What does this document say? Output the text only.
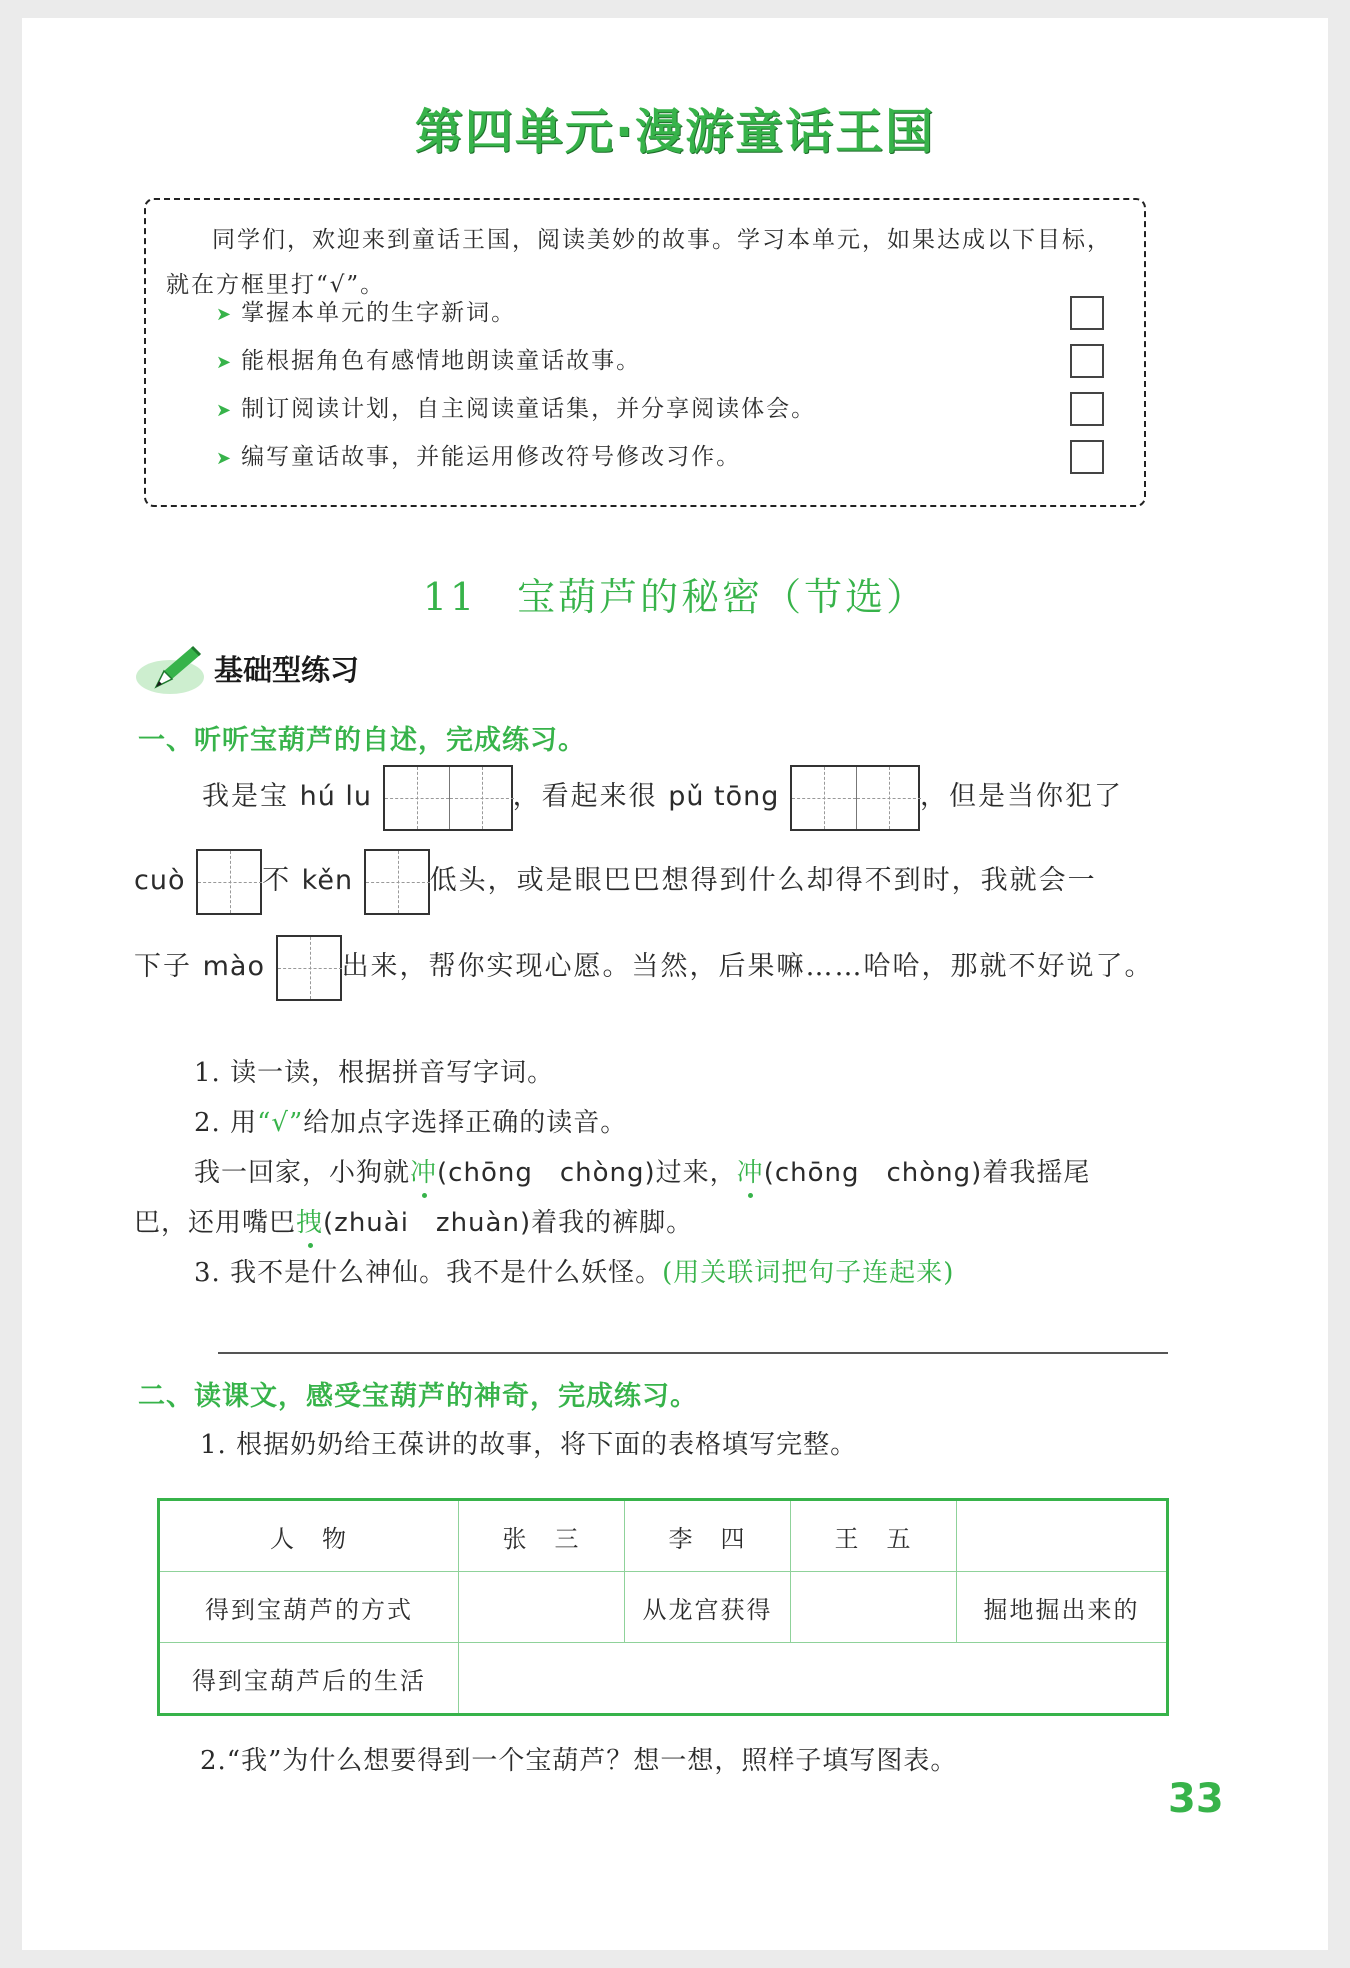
第四单元·漫游童话王国
同学们，欢迎来到童话王国，阅读美妙的故事。学习本单元，如果达成以下目标，就在方框里打“√”。
➤ 掌握本单元的生字新词。
➤ 能根据角色有感情地朗读童话故事。
➤ 制订阅读计划，自主阅读童话集，并分享阅读体会。
➤ 编写童话故事，并能运用修改符号修改习作。
11 宝葫芦的秘密（节选）
基础型练习
一、听听宝葫芦的自述，完成练习。
我是宝 hú lu	，看起来很 pǔ tōng	，但是当你犯了
cuò	不 kěn	低头，或是眼巴巴想得到什么却得不到时，我就会一
下子 mào	出来，帮你实现心愿。当然，后果嘛……哈哈，那就不好说了。
1. 读一读，根据拼音写字词。
2. 用“√”给加点字选择正确的读音。
我一回家，小狗就冲(chōng　chòng)过来，冲(chōng　chòng)着我摇尾
巴，还用嘴巴拽(zhuài　zhuàn)着我的裤脚。
3. 我不是什么神仙。我不是什么妖怪。(用关联词把句子连起来)
二、读课文，感受宝葫芦的神奇，完成练习。
1. 根据奶奶给王葆讲的故事，将下面的表格填写完整。
人　物	张　三	李　四	王　五	
得到宝葫芦的方式		从龙宫获得		掘地掘出来的
得到宝葫芦后的生活				
2.“我”为什么想要得到一个宝葫芦？想一想，照样子填写图表。
33
